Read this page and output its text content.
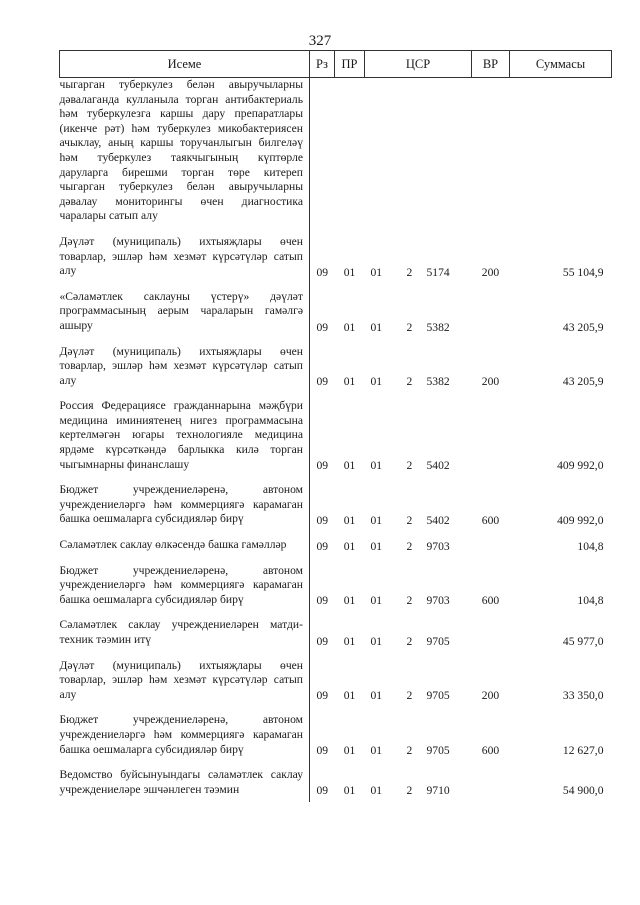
327
Исеме	Рз	ПР	ЦСР	ВР	Суммасы
чыгарган туберкулез белән авыручыларны дәвалаганда кулланыла торган антибактериаль һәм туберкулезга каршы дару препаратлары (икенче рәт) һәм туберкулез микобактериясен ачыклау, аның каршы торучанлыгын билгеләү һәм туберкулез таякчыгының күптөрле даруларга бирешми торган төре китереп чыгарган туберкулез белән авыручыларны дәвалау мониторингы өчен диагностика чаралары сатып алу			

Дәүләт (муниципаль) ихтыяҗлары өчен товарлар, эшләр һәм хезмәт күрсәтүләр сатып алу	09	01	01 2 5174	200	55 104,9
«Сәламәтлек саклауны үстерү» дәүләт программасының аерым чараларын гамәлгә ашыру	09	01	01 2 5382		43 205,9
Дәүләт (муниципаль) ихтыяҗлары өчен товарлар, эшләр һәм хезмәт күрсәтүләр сатып алу	09	01	01 2 5382	200	43 205,9
Россия Федерациясе гражданнарына мәҗбүри медицина иминиятенең нигез программасына кертелмәгән югары технологияле медицина ярдәме күрсәткәндә барлыкка килә торган чыгымнарны финанслашу	09	01	01 2 5402		409 992,0
Бюджет учреждениеләренә, автоном учреждениеләргә һәм коммерциягә карамаган башка оешмаларга субсидияләр бирү	09	01	01 2 5402	600	409 992,0
Сәламәтлек саклау өлкәсендә башка гамәлләр	09	01	01 2 9703		104,8
Бюджет учреждениеләренә, автоном учреждениеләргә һәм коммерциягә карамаган башка оешмаларга субсидияләр бирү	09	01	01 2 9703	600	104,8
Сәламәтлек саклау учреждениеләрен матди-техник тәэмин итү	09	01	01 2 9705		45 977,0
Дәүләт (муниципаль) ихтыяҗлары өчен товарлар, эшләр һәм хезмәт күрсәтүләр сатып алу	09	01	01 2 9705	200	33 350,0
Бюджет учреждениеләренә, автоном учреждениеләргә һәм коммерциягә карамаган башка оешмаларга субсидияләр бирү	09	01	01 2 9705	600	12 627,0
Ведомство буйсынуындагы сәламәтлек саклау учреждениеләре эшчәнлеген тәэмин	09	01	01 2 9710		54 900,0
